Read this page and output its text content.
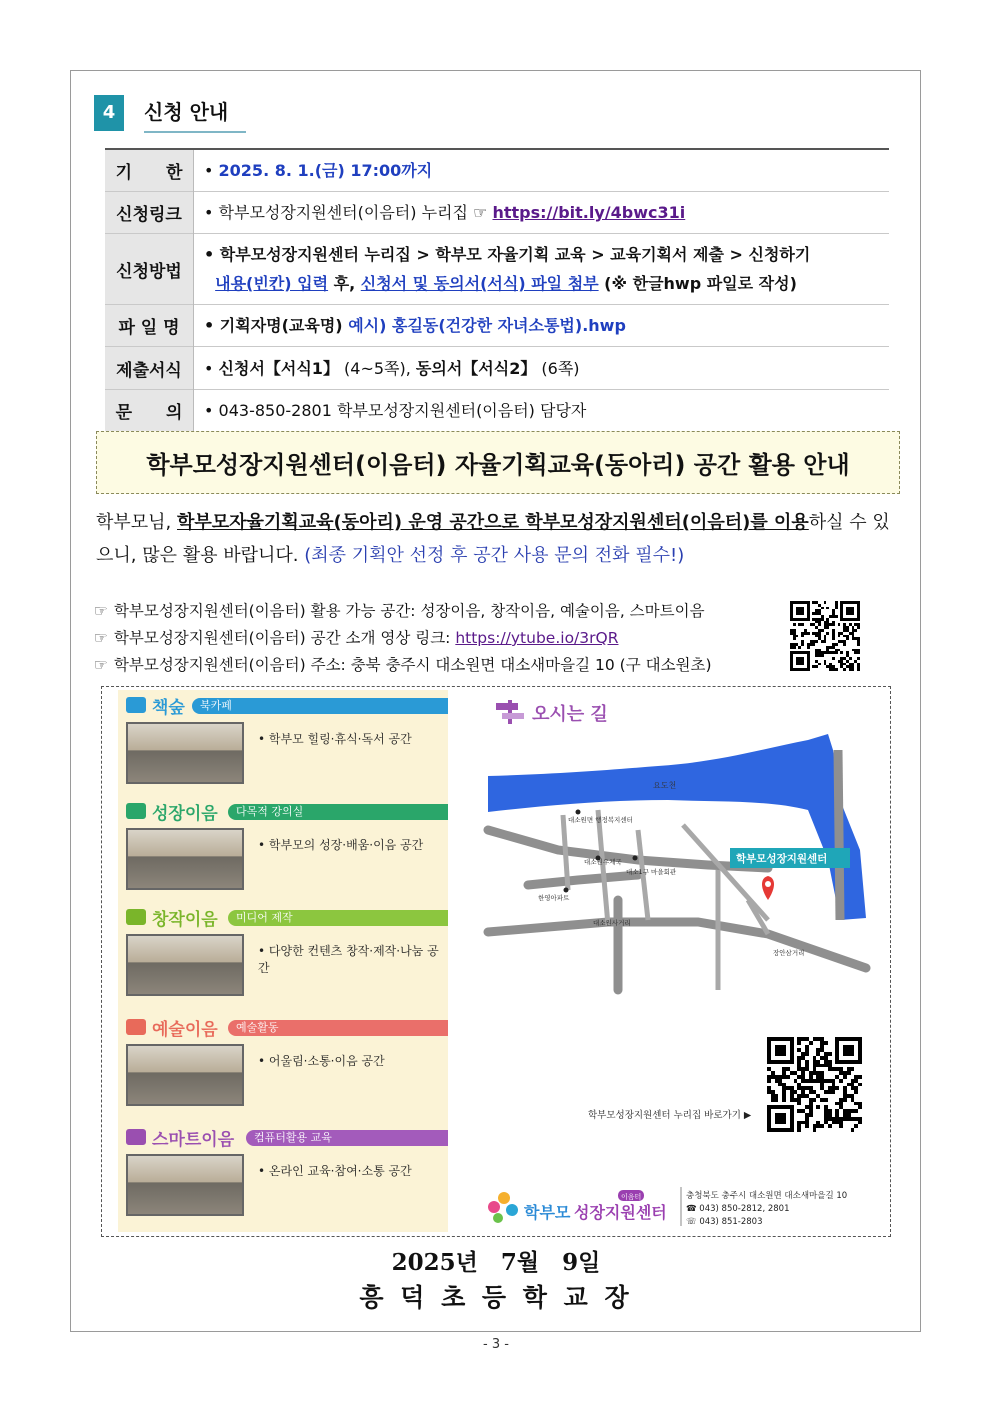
4	신청 안내
기　　한	• 2025. 8. 1.(금) 17:00까지
신청링크	• 학부모성장지원센터(이음터) 누리집 ☞ https://bit.ly/4bwc31i
신청방법	• 학부모성장지원센터 누리집 > 학부모 자율기획 교육 > 교육기획서 제출 > 신청하기
내용(빈칸) 입력 후, 신청서 및 동의서(서식) 파일 첨부 (※ 한글hwp 파일로 작성)
파 일 명	• 기획자명(교육명) 예시) 홍길동(건강한 자녀소통법).hwp
제출서식	• 신청서【서식1】 (4~5쪽), 동의서【서식2】 (6쪽)
문　　의	• 043-850-2801 학부모성장지원센터(이음터) 담당자
학부모성장지원센터(이음터) 자율기획교육(동아리) 공간 활용 안내
학부모님, 학부모자율기획교육(동아리) 운영 공간으로 학부모성장지원센터(이음터)를 이용하실 수 있으니, 많은 활용 바랍니다. (최종 기획안 선정 후 공간 사용 문의 전화 필수!)
☞ 학부모성장지원센터(이음터) 활용 가능 공간: 성장이음, 창작이음, 예술이음, 스마트이음
☞ 학부모성장지원센터(이음터) 공간 소개 영상 링크: https://ytube.io/3rQR
☞ 학부모성장지원센터(이음터) 주소: 충북 충주시 대소원면 대소새마을길 10 (구 대소원초)
책숲	북카페
• 학부모 힐링·휴식·독서 공간
성장이음	다목적 강의실
• 학부모의 성장·배움·이음 공간
창작이음	미디어 제작
• 다양한 컨텐츠 창작·제작·나눔 공간
예술이음	예술활동
• 어울림·소통·이음 공간
스마트이음	컴퓨터활용 교육
• 온라인 교육·참여·소통 공간
오시는 길
요도천
대소원면 행정복지센터
대소원우체국
대소1구 마을회관
한영아파트
대소원사거리
장안삼거리
학부모성장지원센터
학부모성장지원센터 누리집 바로가기 ▶
학부모 성장지원센터
이음터	충청북도 충주시 대소원면 대소새마을길 10
☎ 043) 850-2812, 2801
☏ 043) 851-2803
2025년　7월　9일
흥 덕 초 등 학 교 장
- 3 -
